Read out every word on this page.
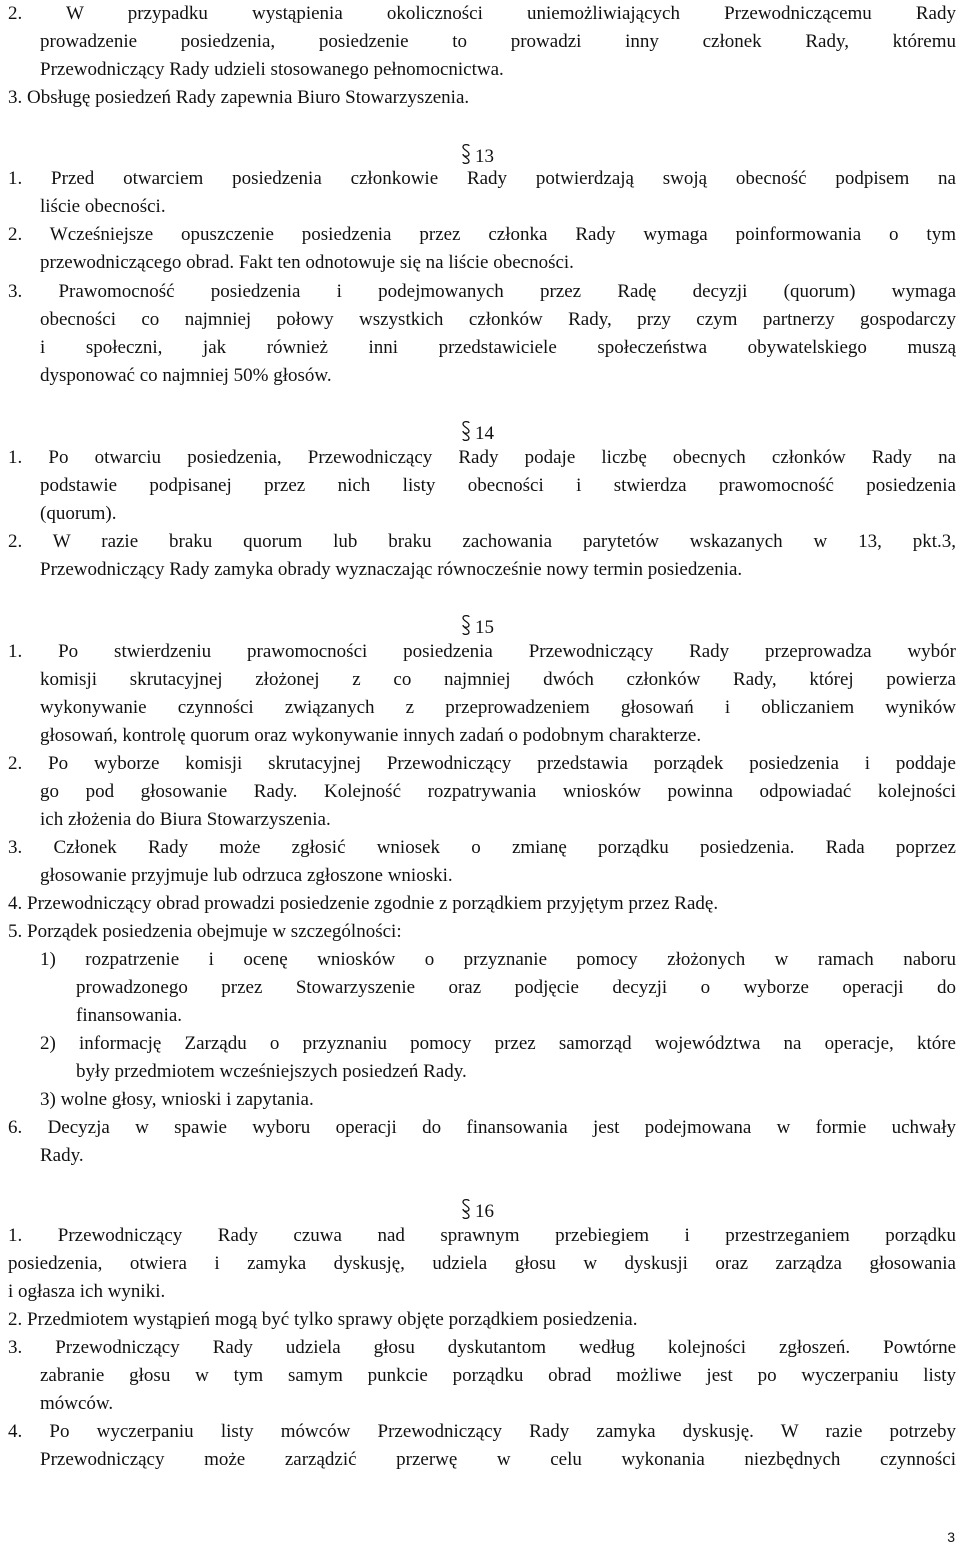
2. W przypadku wystąpienia okoliczności uniemożliwiających Przewodniczącemu Rady
prowadzenie posiedzenia, posiedzenie to prowadzi inny członek Rady, któremu
Przewodniczący Rady udzieli stosowanego pełnomocnictwa.
3. Obsługę posiedzeń Rady zapewnia Biuro Stowarzyszenia.
1. Przed otwarciem posiedzenia członkowie Rady potwierdzają swoją obecność podpisem na
liście obecności.
2. Wcześniejsze opuszczenie posiedzenia przez członka Rady wymaga poinformowania o tym
przewodniczącego obrad. Fakt ten odnotowuje się na liście obecności.
3. Prawomocność posiedzenia i podejmowanych przez Radę decyzji (quorum) wymaga
obecności co najmniej połowy wszystkich członków Rady, przy czym partnerzy gospodarczy
i społeczni, jak również inni przedstawiciele społeczeństwa obywatelskiego muszą
dysponować co najmniej 50% głosów.
1. Po otwarciu posiedzenia, Przewodniczący Rady podaje liczbę obecnych członków Rady na
podstawie podpisanej przez nich listy obecności i stwierdza prawomocność posiedzenia
(quorum).
2. W razie braku quorum lub braku zachowania parytetów wskazanych w 13, pkt.3,
Przewodniczący Rady zamyka obrady wyznaczając równocześnie nowy termin posiedzenia.
1. Po stwierdzeniu prawomocności posiedzenia Przewodniczący Rady przeprowadza wybór
komisji skrutacyjnej złożonej z co najmniej dwóch członków Rady, której powierza
wykonywanie czynności związanych z przeprowadzeniem głosowań i obliczaniem wyników
głosowań, kontrolę quorum oraz wykonywanie innych zadań o podobnym charakterze.
2. Po wyborze komisji skrutacyjnej Przewodniczący przedstawia porządek posiedzenia i poddaje
go pod głosowanie Rady. Kolejność rozpatrywania wniosków powinna odpowiadać kolejności
ich złożenia do Biura Stowarzyszenia.
3. Członek Rady może zgłosić wniosek o zmianę porządku posiedzenia. Rada poprzez
głosowanie przyjmuje lub odrzuca zgłoszone wnioski.
4. Przewodniczący obrad prowadzi posiedzenie zgodnie z porządkiem przyjętym przez Radę.
5. Porządek posiedzenia obejmuje w szczególności:
1) rozpatrzenie i ocenę wniosków o przyznanie pomocy złożonych w ramach naboru
prowadzonego przez Stowarzyszenie oraz podjęcie decyzji o wyborze operacji do
finansowania.
2) informację Zarządu o przyznaniu pomocy przez samorząd województwa na operacje, które
były przedmiotem wcześniejszych posiedzeń Rady.
3) wolne głosy, wnioski i zapytania.
6. Decyzja w spawie wyboru operacji do finansowania jest podejmowana w formie uchwały
Rady.
1. Przewodniczący Rady czuwa nad sprawnym przebiegiem i przestrzeganiem porządku
posiedzenia, otwiera i zamyka dyskusję, udziela głosu w dyskusji oraz zarządza głosowania
i ogłasza ich wyniki.
2. Przedmiotem wystąpień mogą być tylko sprawy objęte porządkiem posiedzenia.
3. Przewodniczący Rady udziela głosu dyskutantom według kolejności zgłoszeń. Powtórne
zabranie głosu w tym samym punkcie porządku obrad możliwe jest po wyczerpaniu listy
mówców.
4. Po wyczerpaniu listy mówców Przewodniczący Rady zamyka dyskusję. W razie potrzeby
Przewodniczący może zarządzić przerwę w celu wykonania niezbędnych czynności
13
14
15
16
3
